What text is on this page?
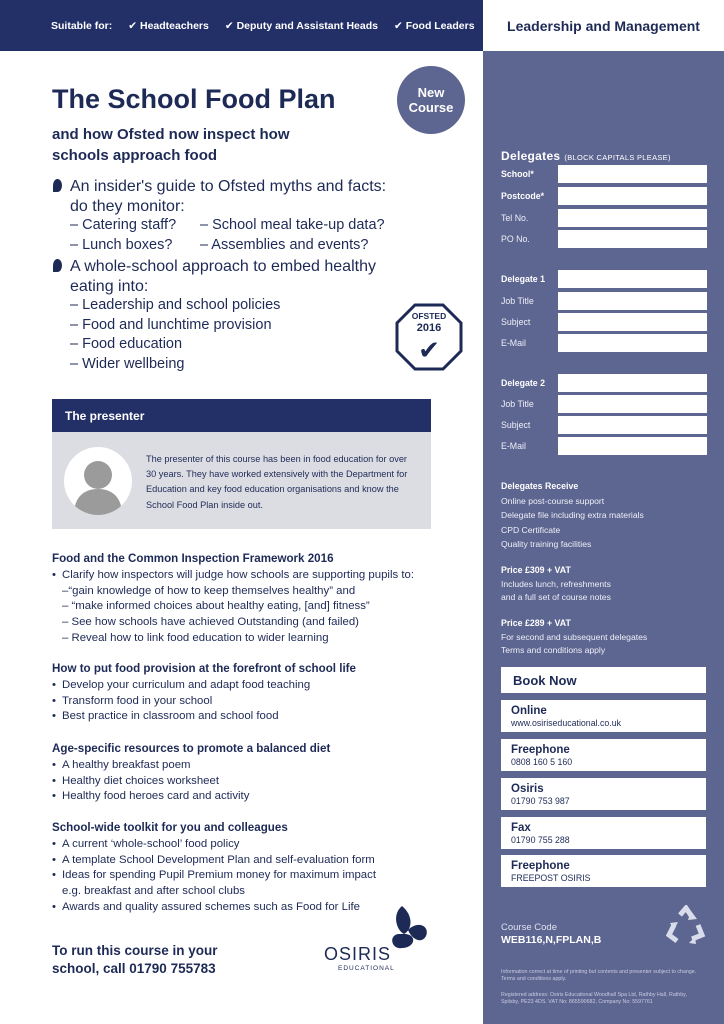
Suitable for: ✔ Headteachers ✔ Deputy and Assistant Heads ✔ Food Leaders	Leadership and Management
The School Food Plan
and how Ofsted now inspect how schools approach food
New
Course
An insider's guide to Ofsted myths and facts: do they monitor:
– Catering staff?	– School meal take-up data?
– Lunch boxes?	– Assemblies and events?
A whole-school approach to embed healthy eating into:
– Leadership and school policies
– Food and lunchtime provision
– Food education
– Wider wellbeing
OFSTED
2016
✔
The presenter
The presenter of this course has been in food education for over 30 years. They have worked extensively with the Department for Education and key food education organisations and know the School Food Plan inside out.
Food and the Common Inspection Framework 2016
• Clarify how inspectors will judge how schools are supporting pupils to:
–“gain knowledge of how to keep themselves healthy” and
– “make informed choices about healthy eating, [and] fitness”
– See how schools have achieved Outstanding (and failed)
– Reveal how to link food education to wider learning
How to put food provision at the forefront of school life
• Develop your curriculum and adapt food teaching
• Transform food in your school
• Best practice in classroom and school food
Age-specific resources to promote a balanced diet
• A healthy breakfast poem
• Healthy diet choices worksheet
• Healthy food heroes card and activity
School-wide toolkit for you and colleagues
• A current ‘whole-school’ food policy
• A template School Development Plan and self-evaluation form
• Ideas for spending Pupil Premium money for maximum impact
e.g. breakfast and after school clubs
• Awards and quality assured schemes such as Food for Life
To run this course in your
school, call 01790 755783
OSIRIS
EDUCATIONAL
Delegates (BLOCK CAPITALS PLEASE)
School*
Postcode*
Tel No.
PO No.
Delegate 1
Job Title
Subject
E-Mail
Delegate 2
Job Title
Subject
E-Mail
Delegates Receive
Online post-course support
Delegate file including extra materials
CPD Certificate
Quality training facilities
Price £309 + VAT
Includes lunch, refreshments
and a full set of course notes
Price £289 + VAT
For second and subsequent delegates
Terms and conditions apply
Book Now
Online
www.osiriseducational.co.uk
Freephone
0808 160 5 160
Osiris
01790 753 987
Fax
01790 755 288
Freephone
FREEPOST OSIRIS
Course Code
WEB116,N,FPLAN,B
Information correct at time of printing but contents and presenter subject to change. Terms and conditions apply.
Registered address: Osiris Educational Woodhall Spa Ltd, Rathby Hall, Rathby, Spilsby, PE23 4DS. VAT No: 865590682, Company No: 5597761
